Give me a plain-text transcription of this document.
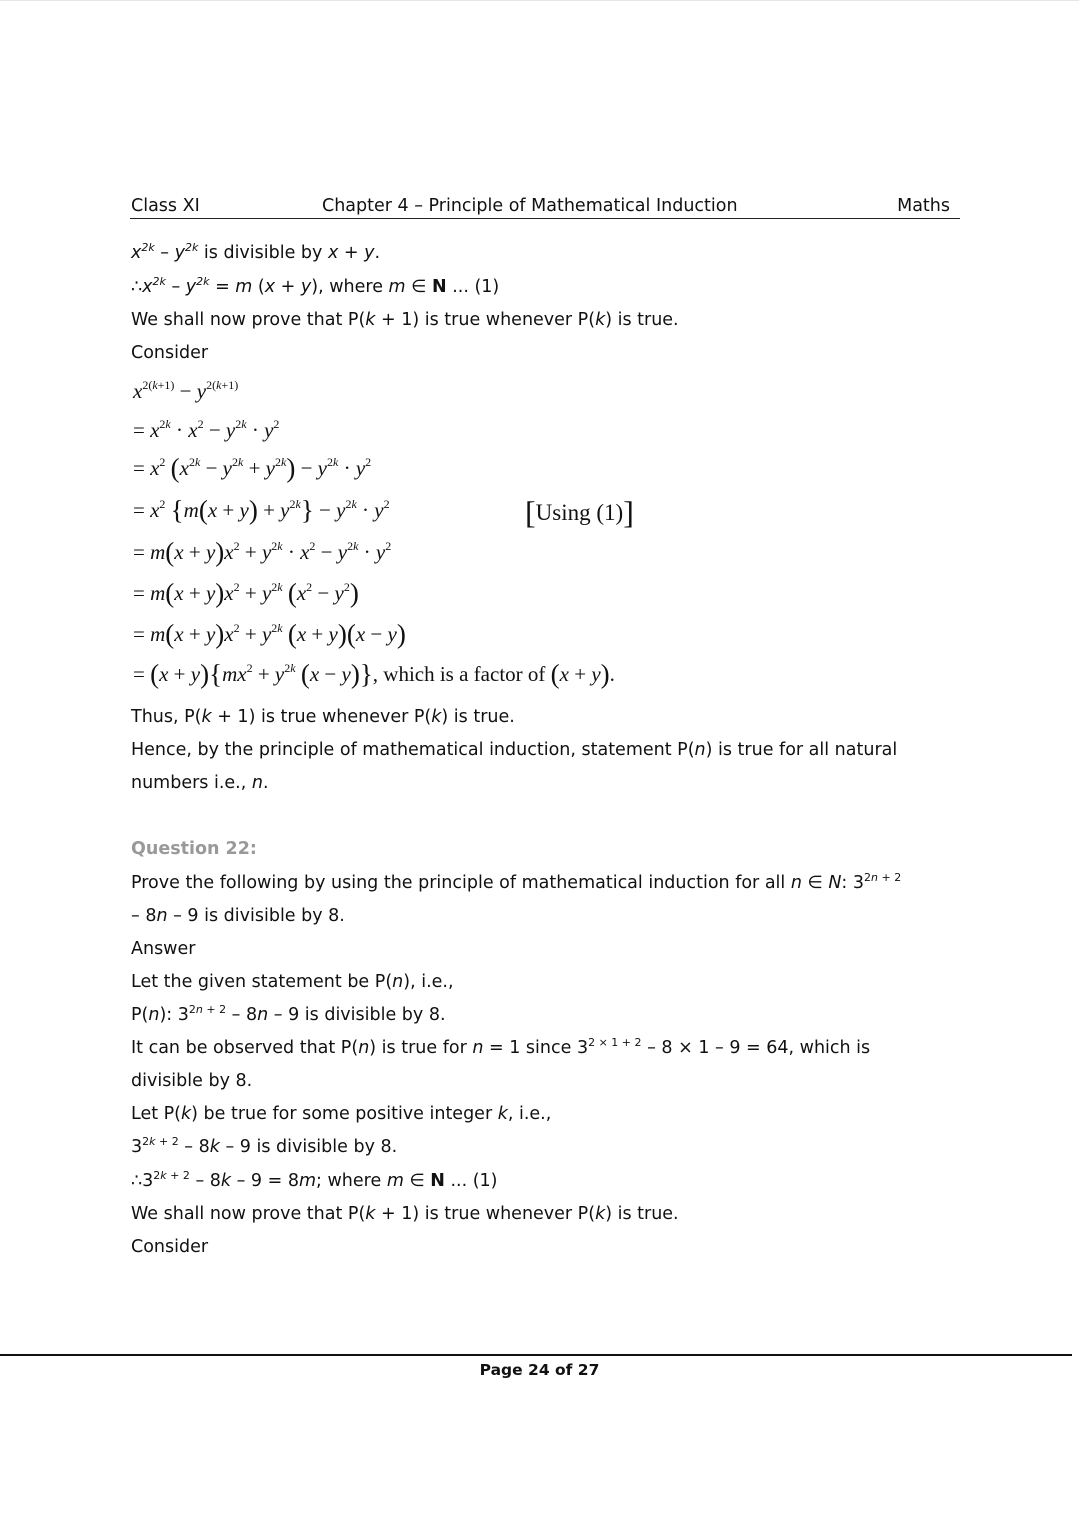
Class XI	Chapter 4 – Principle of Mathematical Induction	Maths
$x^{2k} - y^{2k}$ is divisible by x + y.
$\therefore x^{2k} - y^{2k} = m$ (x + y), where m ∈ N ... (1)
We shall now prove that P(k + 1) is true whenever P(k) is true.
Consider
$x^{2(k+1)} - y^{2(k+1)}$
= $x^{2k} \cdot x^2 - y^{2k} \cdot y^2$
= $x^2$ $(x^{2k} - y^{2k} + y^{2k}) - y^{2k} \cdot y^2$
= $x^2$ $\{m(x + y) + y^{2k}\} - y^{2k} \cdot y^2$	[Using (1)]
= $m(x + y)x^2 + y^{2k} \cdot x^2 - y^{2k} \cdot y^2$
= $m(x + y)x^2 + y^{2k}$ $(x^2 - y^2)$
= $m(x + y)x^2 + y^{2k}$ (x + y)(x − y)
= $(x + y)\{mx^2 + y^{2k}$ (x − y)}, which is a factor of (x + y).
Thus, P(k + 1) is true whenever P(k) is true.
Hence, by the principle of mathematical induction, statement P(n) is true for all natural
numbers i.e., n.
Question 22:
Prove the following by using the principle of mathematical induction for all n ∈ N: $3^{2n + 2}$
– 8n – 9 is divisible by 8.
Answer
Let the given statement be P(n), i.e.,
P(n): $3^{2n + 2} - 8n - 9$ is divisible by 8.
It can be observed that P(n) is true for n = 1 since $3^{2 \times 1 + 2} - 8 \times 1 - 9 = 64$, which is
divisible by 8.
Let P(k) be true for some positive integer k, i.e.,
$3^{2k + 2} - 8k - 9$ is divisible by 8.
$\therefore 3^{2k + 2} - 8k - 9 = 8m$; where m ∈ N ... (1)
We shall now prove that P(k + 1) is true whenever P(k) is true.
Consider
Page 24 of 27
